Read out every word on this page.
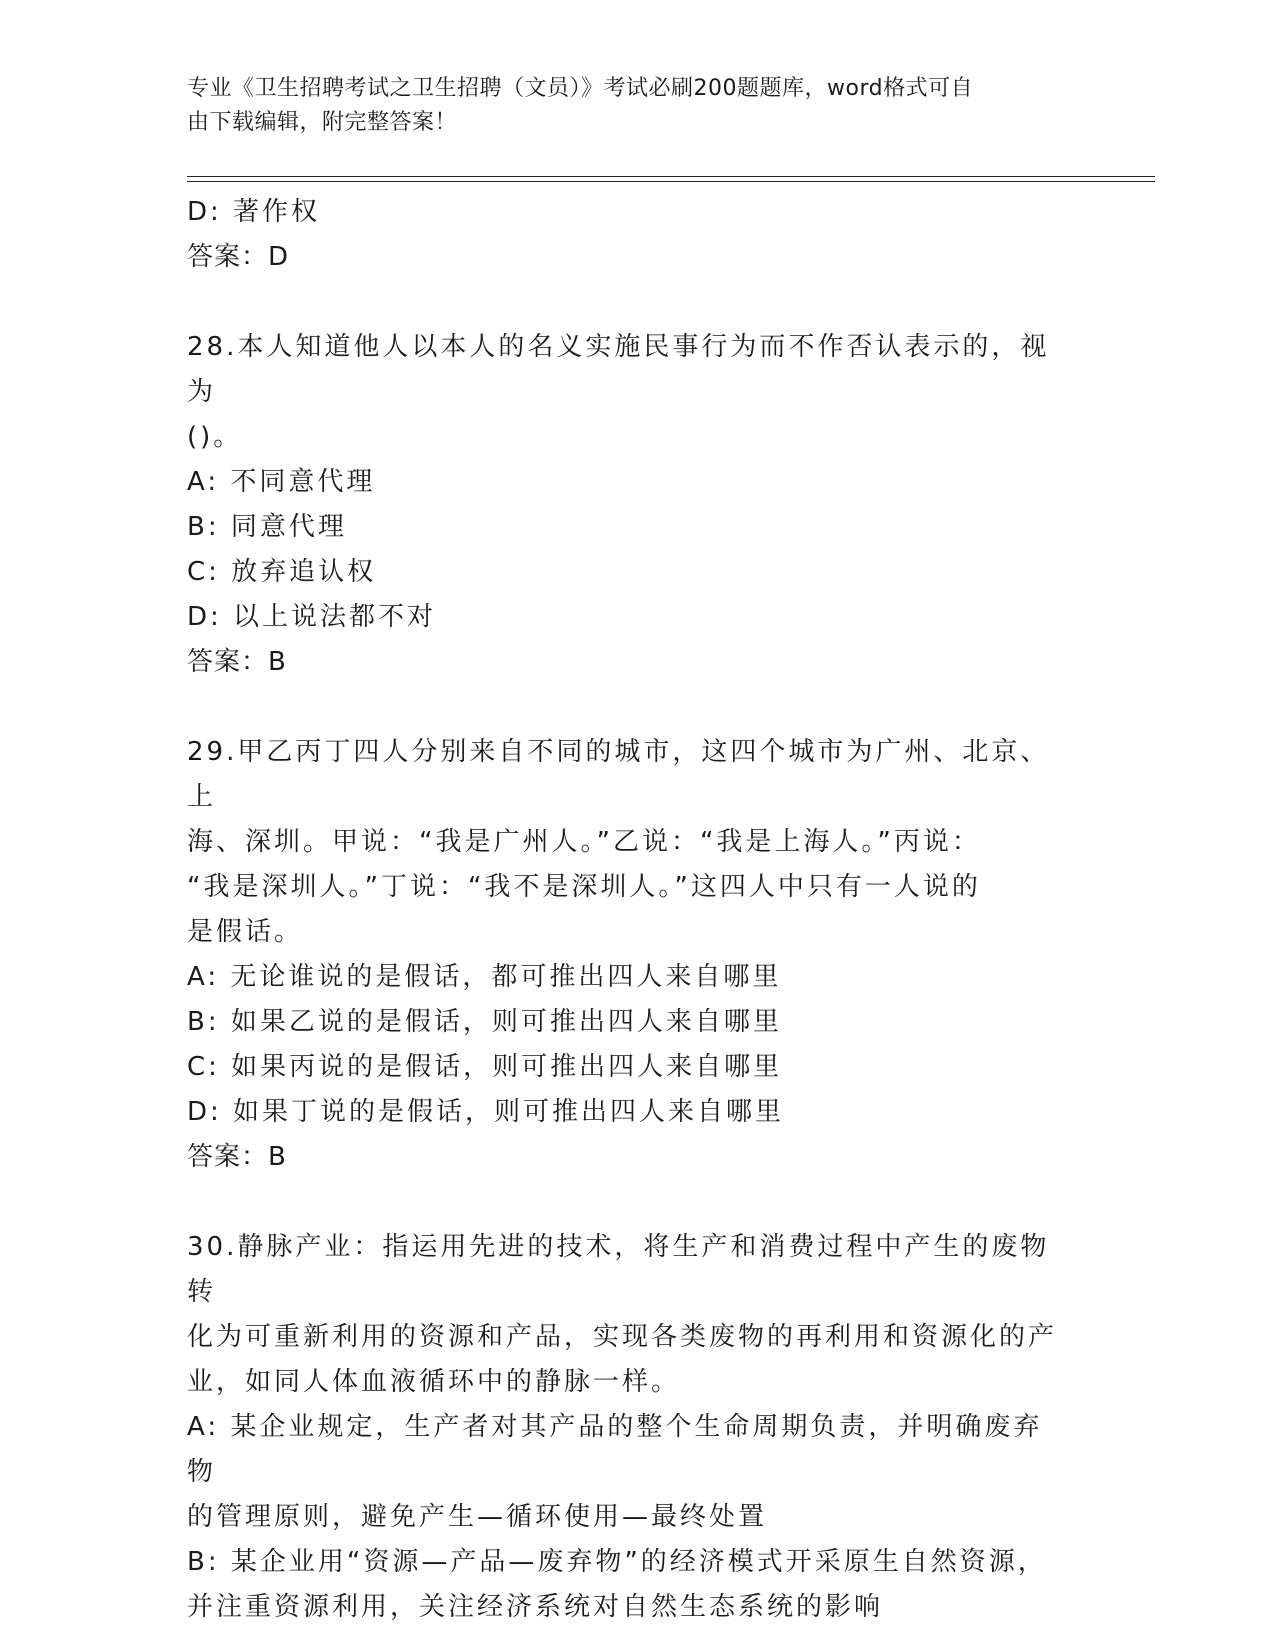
专业《卫生招聘考试之卫生招聘（文员）》考试必刷200题题库，word格式可自
由下载编辑，附完整答案！

D: 著作权

答案：D

28.本人知道他人以本人的名义实施民事行为而不作否认表示的，视为

()。

A: 不同意代理

B: 同意代理

C: 放弃追认权

D: 以上说法都不对

答案：B

29.甲乙丙丁四人分别来自不同的城市，这四个城市为广州、北京、上

海、深圳。甲说：“我是广州人。”乙说：“我是上海人。”丙说：

“我是深圳人。”丁说：“我不是深圳人。”这四人中只有一人说的

是假话。

A: 无论谁说的是假话，都可推出四人来自哪里

B: 如果乙说的是假话，则可推出四人来自哪里

C: 如果丙说的是假话，则可推出四人来自哪里

D: 如果丁说的是假话，则可推出四人来自哪里

答案：B

30.静脉产业：指运用先进的技术，将生产和消费过程中产生的废物转

化为可重新利用的资源和产品，实现各类废物的再利用和资源化的产

业，如同人体血液循环中的静脉一样。

A: 某企业规定，生产者对其产品的整个生命周期负责，并明确废弃物

的管理原则，避免产生—循环使用—最终处置

B: 某企业用“资源—产品—废弃物”的经济模式开采原生自然资源，

并注重资源利用，关注经济系统对自然生态系统的影响
